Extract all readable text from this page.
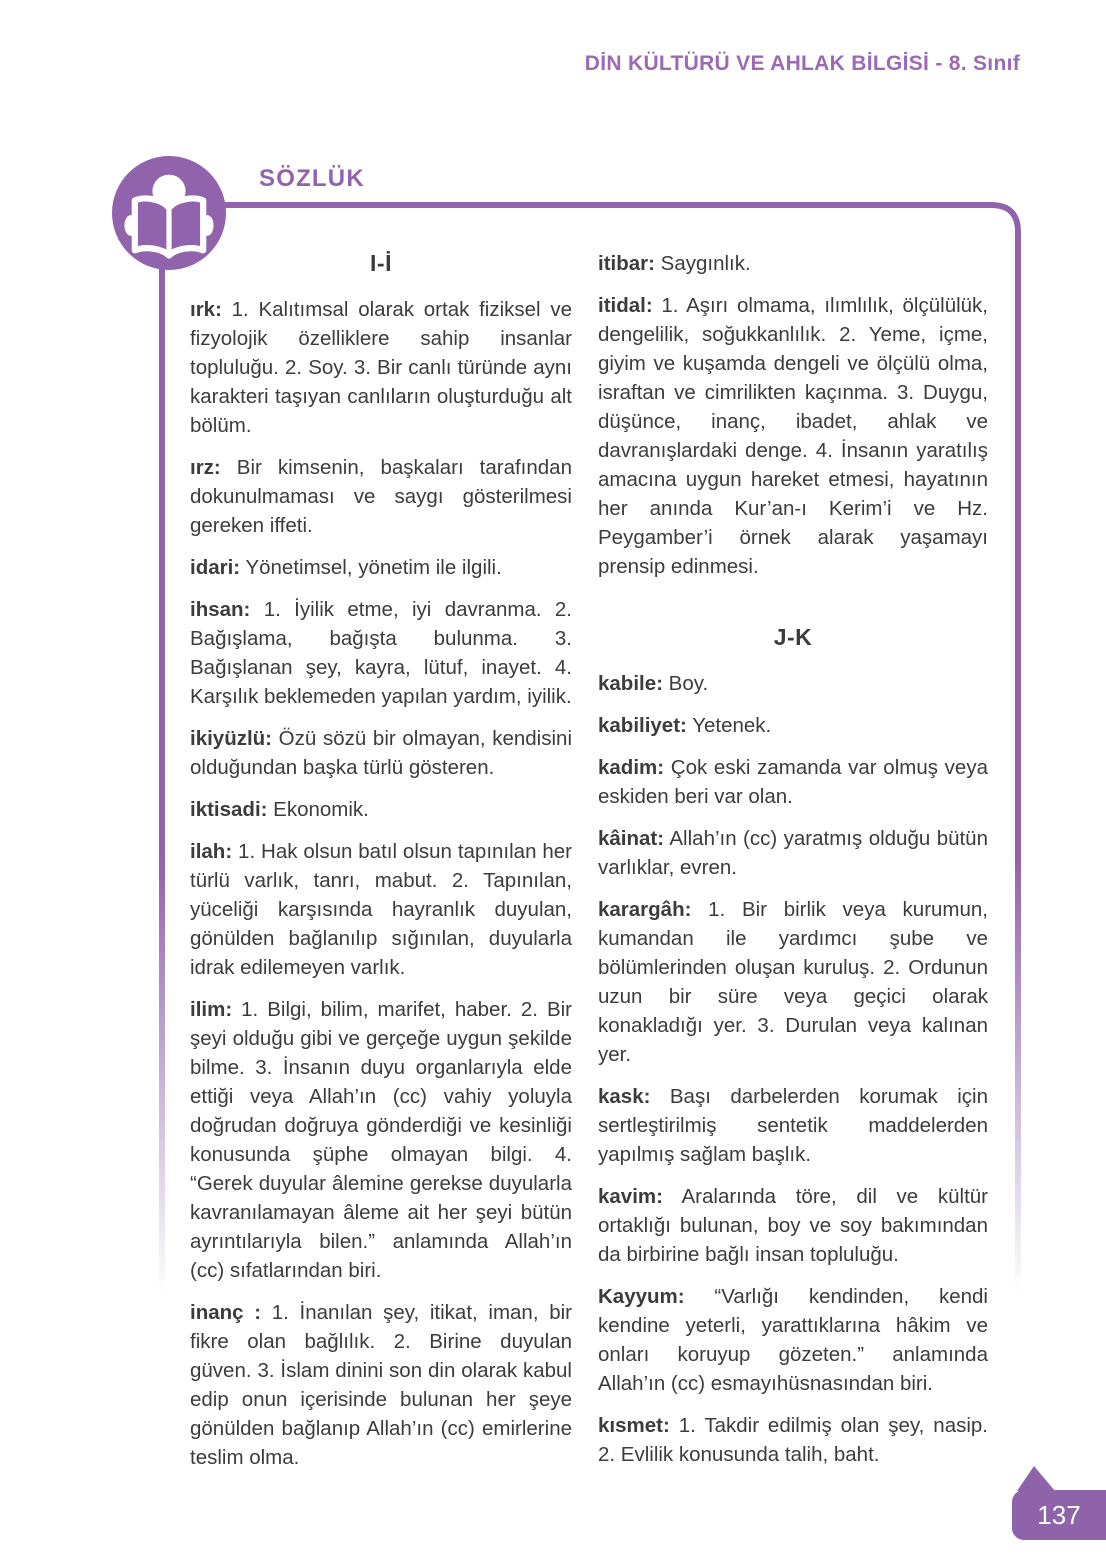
DİN KÜLTÜRÜ VE AHLAK BİLGİSİ - 8. Sınıf
SÖZLÜK
I-İ

ırk: 1. Kalıtımsal olarak ortak fiziksel ve fizyolojik özelliklere sahip insanlar topluluğu. 2. Soy. 3. Bir canlı türünde aynı karakteri taşıyan canlıların oluşturduğu alt bölüm.

ırz: Bir kimsenin, başkaları tarafından dokunulmaması ve saygı gösterilmesi gereken iffeti.

idari: Yönetimsel, yönetim ile ilgili.

ihsan: 1. İyilik etme, iyi davranma. 2. Bağışlama, bağışta bulunma. 3. Bağışlanan şey, kayra, lütuf, inayet. 4. Karşılık beklemeden yapılan yardım, iyilik.

ikiyüzlü: Özü sözü bir olmayan, kendisini olduğundan başka türlü gösteren.

iktisadi: Ekonomik.

ilah: 1. Hak olsun batıl olsun tapınılan her türlü varlık, tanrı, mabut. 2. Tapınılan, yüceliği karşısında hayranlık duyulan, gönülden bağlanılıp sığınılan, duyularla idrak edilemeyen varlık.

ilim: 1. Bilgi, bilim, marifet, haber. 2. Bir şeyi olduğu gibi ve gerçeğe uygun şekilde bilme. 3. İnsanın duyu organlarıyla elde ettiği veya Allah’ın (cc) vahiy yoluyla doğrudan doğruya gönderdiği ve kesinliği konusunda şüphe olmayan bilgi. 4. “Gerek duyular âlemine gerekse duyularla kavranılamayan âleme ait her şeyi bütün ayrıntılarıyla bilen.” anlamında Allah’ın (cc) sıfatlarından biri.

inanç : 1. İnanılan şey, itikat, iman, bir fikre olan bağlılık. 2. Birine duyulan güven. 3. İslam dinini son din olarak kabul edip onun içerisinde bulunan her şeye gönülden bağlanıp Allah’ın (cc) emirlerine teslim olma.

itibar: Saygınlık.

itidal: 1. Aşırı olmama, ılımlılık, ölçülülük, dengelilik, soğukkanlılık. 2. Yeme, içme, giyim ve kuşamda dengeli ve ölçülü olma, israftan ve cimrilikten kaçınma. 3. Duygu, düşünce, inanç, ibadet, ahlak ve davranışlardaki denge. 4. İnsanın yaratılış amacına uygun hareket etmesi, hayatının her anında Kur’an-ı Kerim’i ve Hz. Peygamber’i örnek alarak yaşamayı prensip edinmesi.

J-K

kabile: Boy.

kabiliyet: Yetenek.

kadim: Çok eski zamanda var olmuş veya eskiden beri var olan.

kâinat: Allah’ın (cc) yaratmış olduğu bütün varlıklar, evren.

karargâh: 1. Bir birlik veya kurumun, kumandan ile yardımcı şube ve bölümlerinden oluşan kuruluş. 2. Ordunun uzun bir süre veya geçici olarak konakladığı yer. 3. Durulan veya kalınan yer.

kask: Başı darbelerden korumak için sertleştirilmiş sentetik maddelerden yapılmış sağlam başlık.

kavim: Aralarında töre, dil ve kültür ortaklığı bulunan, boy ve soy bakımından da birbirine bağlı insan topluluğu.

Kayyum: “Varlığı kendinden, kendi kendine yeterli, yarattıklarına hâkim ve onları koruyup gözeten.” anlamında Allah’ın (cc) esmayıhüsnasından biri.

kısmet: 1. Takdir edilmiş olan şey, nasip. 2. Evlilik konusunda talih, baht.

137
